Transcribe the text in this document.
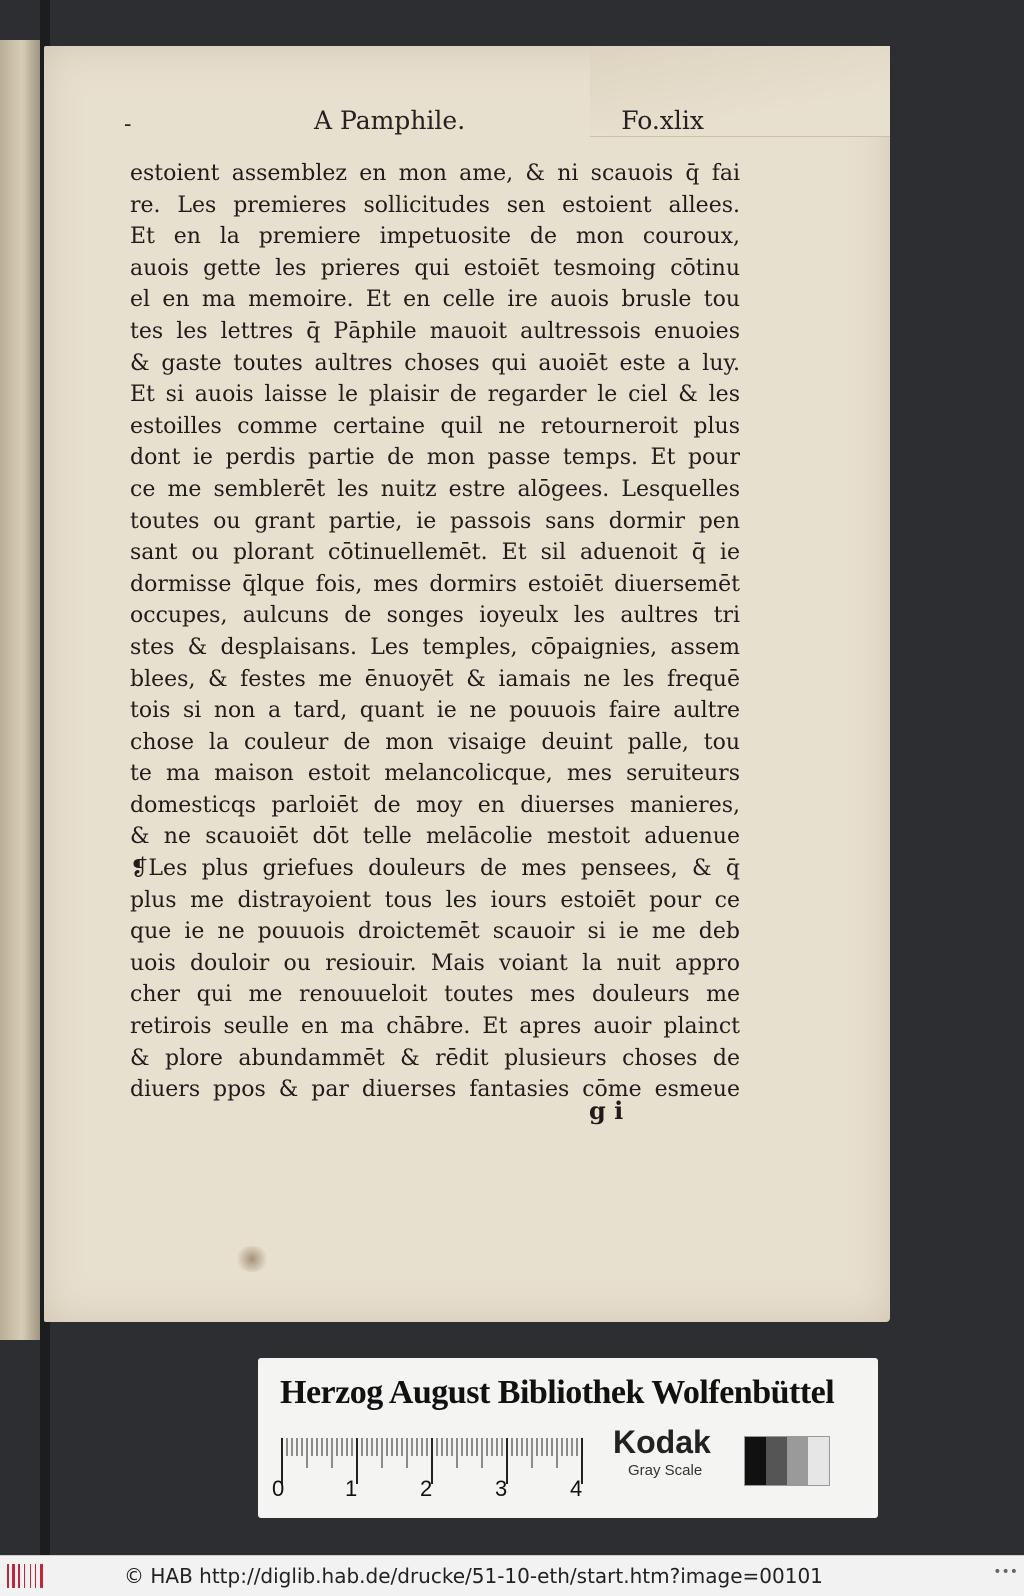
-	A Pamphile.	Fo.xlix
estoient assemblez en mon ame, & ni scauois q̄ fai
re. Les premieres sollicitudes sen estoient allees.
Et en la premiere impetuosite de mon couroux,
auois gette les prieres qui estoiēt tesmoing cōtinu
el en ma memoire. Et en celle ire auois brusle tou
tes les lettres q̄ Pāphile mauoit aultressois enuoies
& gaste toutes aultres choses qui auoiēt este a luy.
Et si auois laisse le plaisir de regarder le ciel & les
estoilles comme certaine quil ne retourneroit plus
dont ie perdis partie de mon passe temps. Et pour
ce me semblerēt les nuitz estre alōgees. Lesquelles
toutes ou grant partie, ie passois sans dormir pen
sant ou plorant cōtinuellemēt. Et sil aduenoit q̄ ie
dormisse q̄lque fois, mes dormirs estoiēt diuersemēt
occupes, aulcuns de songes ioyeulx les aultres tri
stes & desplaisans. Les temples, cōpaignies, assem
blees, & festes me ēnuoyēt & iamais ne les frequē
tois si non a tard, quant ie ne pouuois faire aultre
chose la couleur de mon visaige deuint palle, tou
te ma maison estoit melancolicque, mes seruiteurs
domesticqs parloiēt de moy en diuerses manieres,
& ne scauoiēt dōt telle melācolie mestoit aduenue
❡Les plus griefues douleurs de mes pensees, & q̄
plus me distrayoient tous les iours estoiēt pour ce
que ie ne pouuois droictemēt scauoir si ie me deb
uois douloir ou resiouir. Mais voiant la nuit appro
cher qui me renouueloit toutes mes douleurs me
retirois seulle en ma chābre. Et apres auoir plainct
& plore abundammēt & rēdit plusieurs choses de
diuers ppos & par diuerses fantasies cōme esmeue
g i
Herzog August Bibliothek Wolfenbüttel
0	1	2	3	4
Kodak
Gray Scale
© HAB http://diglib.hab.de/drucke/51-10-eth/start.htm?image=00101	•••
